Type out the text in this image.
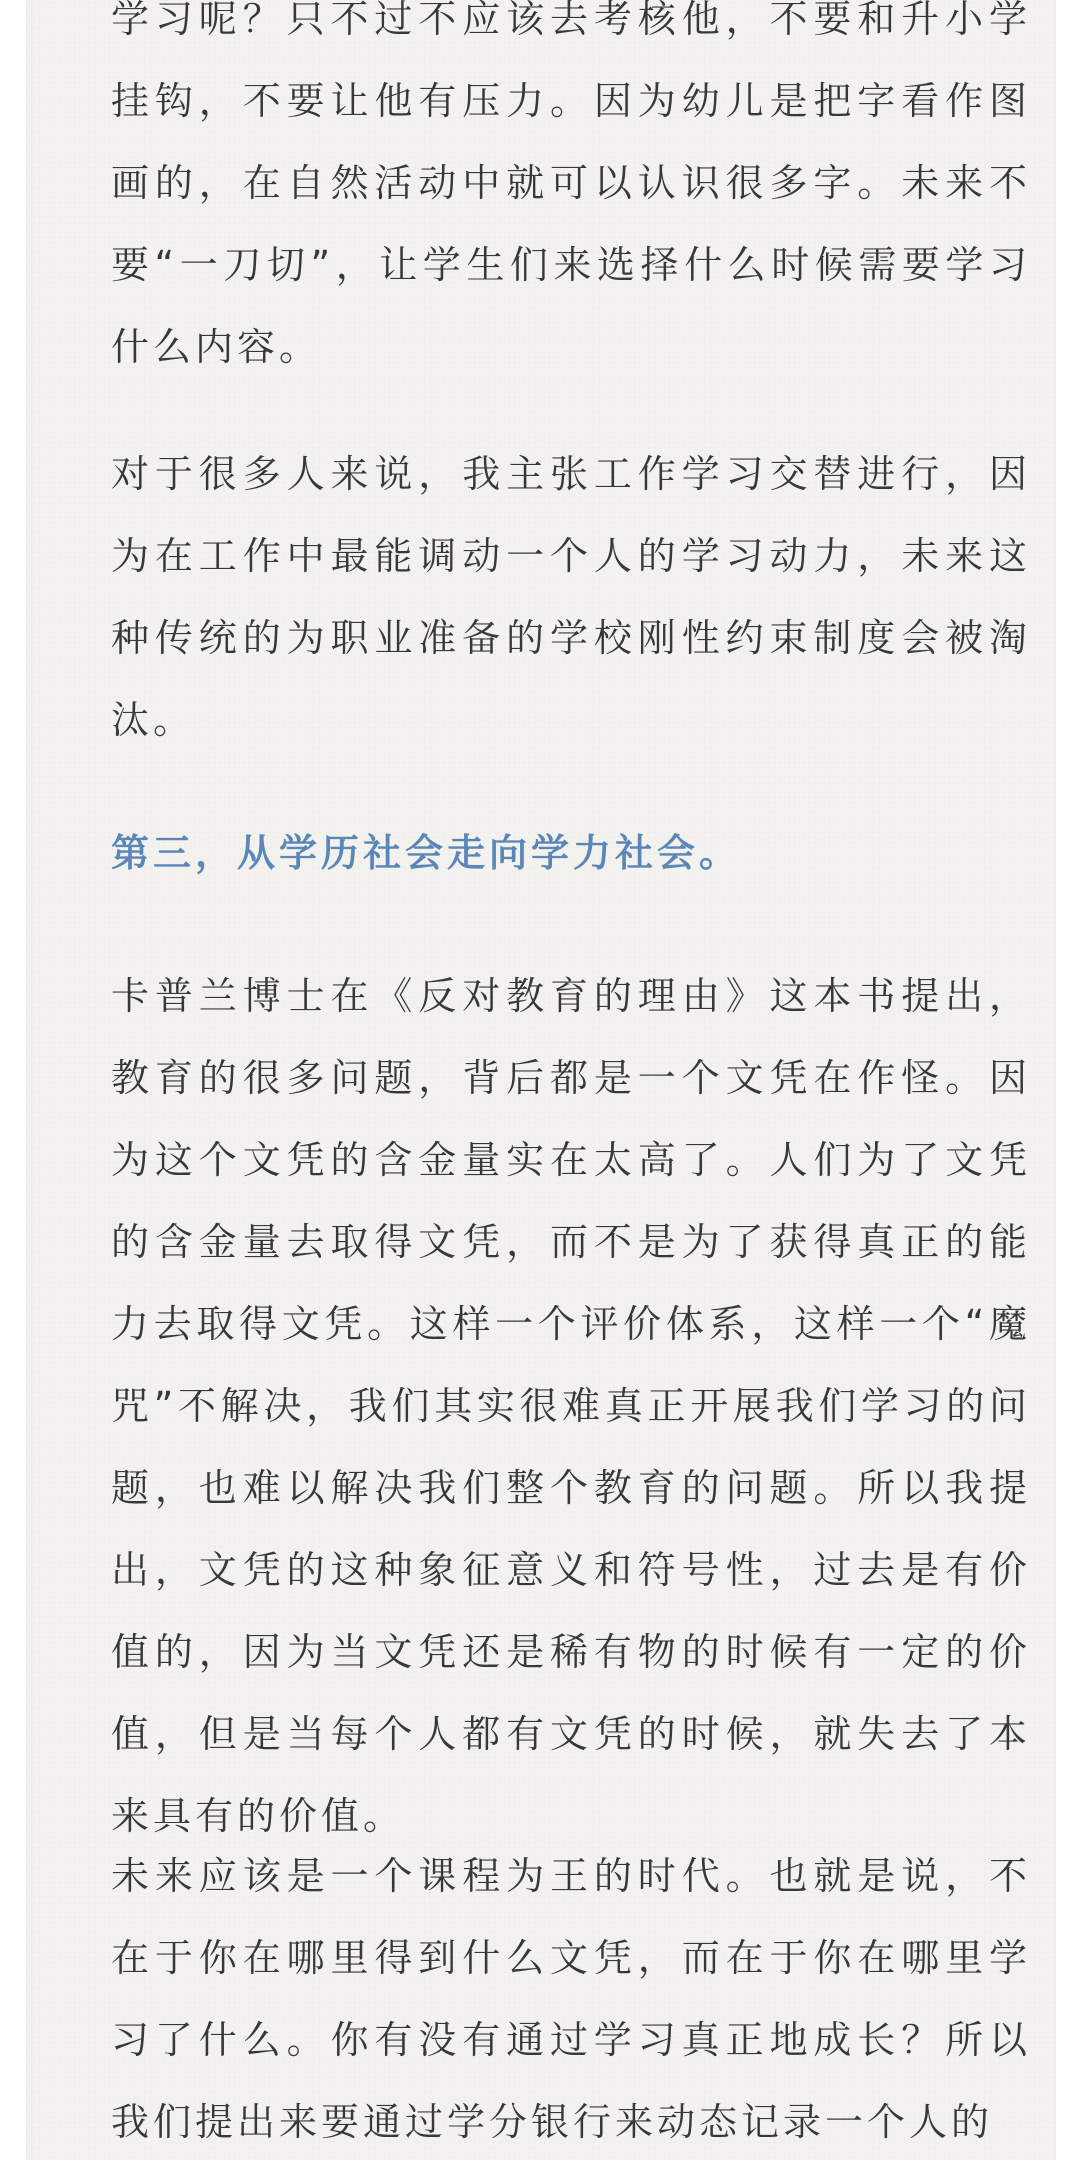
学习呢？只不过不应该去考核他，不要和升小学挂钩，不要让他有压力。因为幼儿是把字看作图画的，在自然活动中就可以认识很多字。未来不要“一刀切”，让学生们来选择什么时候需要学习什么内容。

对于很多人来说，我主张工作学习交替进行，因为在工作中最能调动一个人的学习动力，未来这种传统的为职业准备的学校刚性约束制度会被淘汰。

第三，从学历社会走向学力社会。

卡普兰博士在《反对教育的理由》这本书提出，教育的很多问题，背后都是一个文凭在作怪。因为这个文凭的含金量实在太高了。人们为了文凭的含金量去取得文凭，而不是为了获得真正的能力去取得文凭。这样一个评价体系，这样一个“魔咒”不解决，我们其实很难真正开展我们学习的问题，也难以解决我们整个教育的问题。所以我提出，文凭的这种象征意义和符号性，过去是有价值的，因为当文凭还是稀有物的时候有一定的价值，但是当每个人都有文凭的时候，就失去了本来具有的价值。

未来应该是一个课程为王的时代。也就是说，不在于你在哪里得到什么文凭，而在于你在哪里学习了什么。你有没有通过学习真正地成长？所以我们提出来要通过学分银行来动态记录一个人的
